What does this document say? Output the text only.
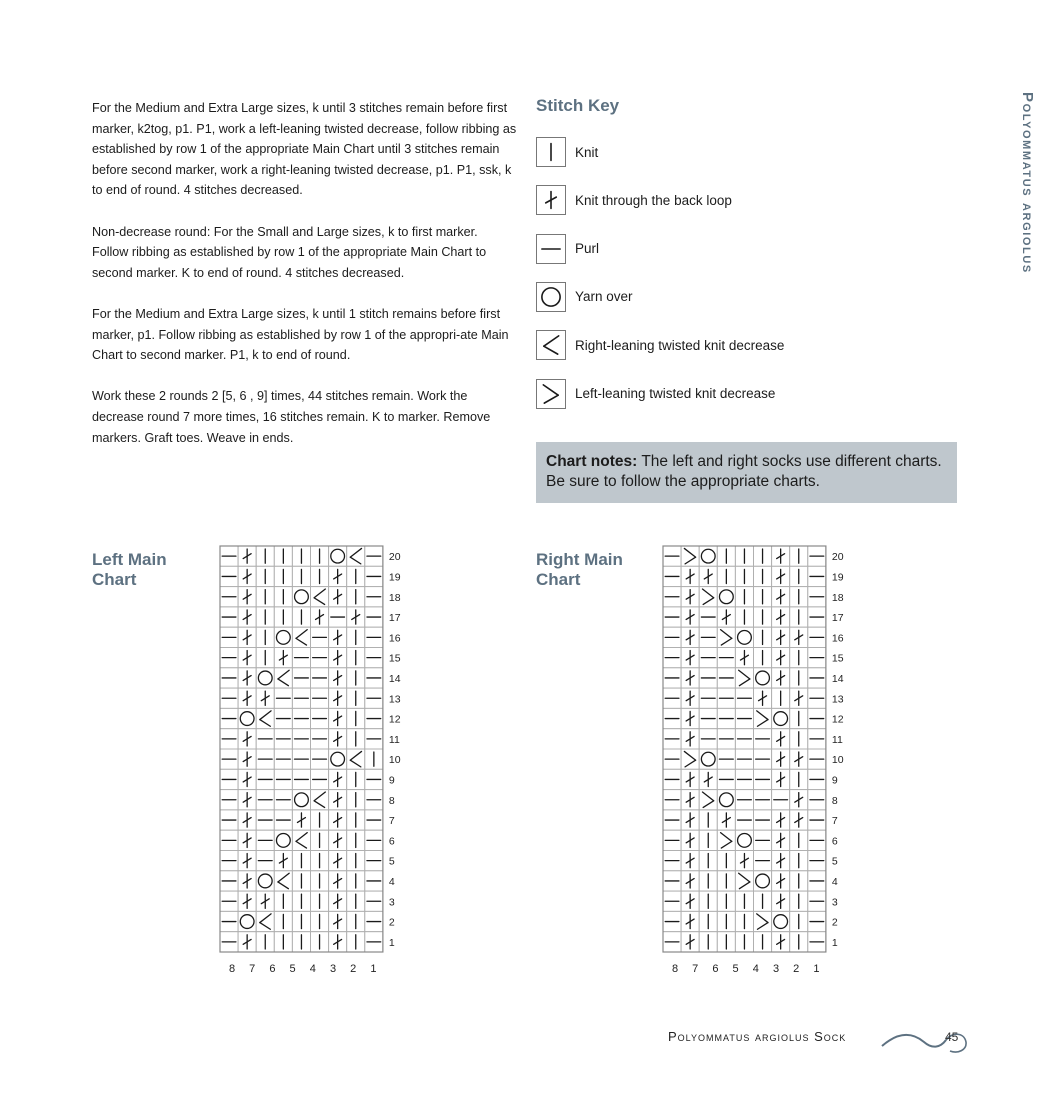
For the Medium and Extra Large sizes, k until 3 stitches remain before first marker, k2tog, p1. P1, work a left-leaning twisted decrease, follow ribbing as established by row 1 of the appropriate Main Chart until 3 stitches remain before second marker, work a right-leaning twisted decrease, p1. P1, ssk, k to end of round. 4 stitches decreased.

Non-decrease round: For the Small and Large sizes, k to first marker. Follow ribbing as established by row 1 of the appropriate Main Chart to second marker. K to end of round. 4 stitches decreased.

For the Medium and Extra Large sizes, k until 1 stitch remains before first marker, p1. Follow ribbing as established by row 1 of the appropri-ate Main Chart to second marker. P1, k to end of round.

Work these 2 rounds 2 [5, 6 , 9] times, 44 stitches remain. Work the decrease round 7 more times, 16 stitches remain. K to marker. Remove markers. Graft toes. Weave in ends.

Stitch Key
Knit
Knit through the back loop
Purl
Yarn over
Right-leaning twisted knit decrease
Left-leaning twisted knit decrease
Chart notes: The left and right socks use different charts. Be sure to follow the appropriate charts.
Left Main
Chart
20
19
18
17
16
15
14
13
12
11
10
9
8
7
6
5
4
3
2
1
8 7 6 5 4 3 2 1
Right Main
Chart
20
19
18
17
16
15
14
13
12
11
10
9
8
7
6
5
4
3
2
1
8 7 6 5 4 3 2 1
Polyommatus argiolus
Polyommatus argiolus Sock	45
